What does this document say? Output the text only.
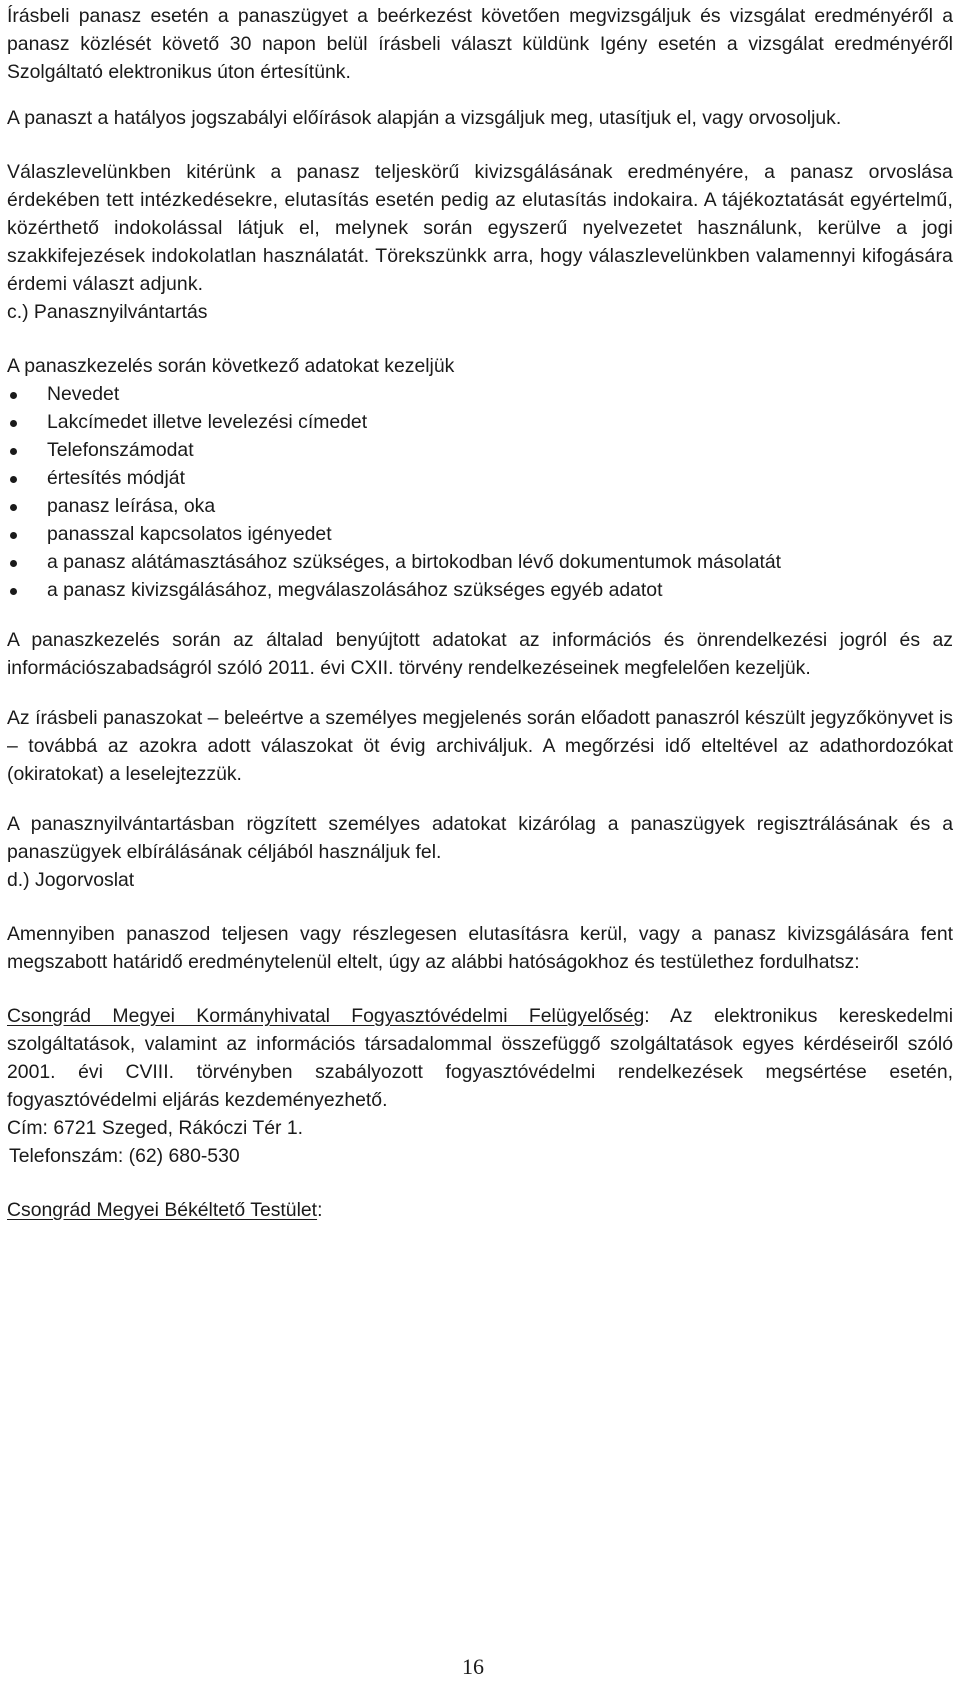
Írásbeli panasz esetén a panaszügyet a beérkezést követően megvizsgáljuk és vizsgálat eredményéről a panasz közlését követő 30 napon belül írásbeli választ küldünk Igény esetén a vizsgálat eredményéről Szolgáltató elektronikus úton értesítünk.

A panaszt a hatályos jogszabályi előírások alapján a vizsgáljuk meg, utasítjuk el, vagy orvosoljuk.

Válaszlevelünkben kitérünk a panasz teljeskörű kivizsgálásának eredményére, a panasz orvoslása érdekében tett intézkedésekre, elutasítás esetén pedig az elutasítás indokaira. A tájékoztatását egyértelmű, közérthető indokolással látjuk el, melynek során egyszerű nyelvezetet használunk, kerülve a jogi szakkifejezések indokolatlan használatát. Törekszünkk arra, hogy válaszlevelünkben valamennyi kifogására érdemi választ adjunk.

c.) Panasznyilvántartás

A panaszkezelés során következő adatokat kezeljük

Nevedet
Lakcímedet illetve levelezési címedet
Telefonszámodat
értesítés módját
panasz leírása, oka
panasszal kapcsolatos igényedet
a panasz alátámasztásához szükséges, a birtokodban lévő dokumentumok másolatát
a panasz kivizsgálásához, megválaszolásához szükséges egyéb adatot

A panaszkezelés során az általad benyújtott adatokat az információs és önrendelkezési jogról és az információszabadságról szóló 2011. évi CXII. törvény rendelkezéseinek megfelelően kezeljük.

Az írásbeli panaszokat – beleértve a személyes megjelenés során előadott panaszról készült jegyzőkönyvet is – továbbá az azokra adott válaszokat öt évig archiváljuk. A megőrzési idő elteltével az adathordozókat (okiratokat) a leselejtezzük.

A panasznyilvántartásban rögzített személyes adatokat kizárólag a panaszügyek regisztrálásának és a panaszügyek elbírálásának céljából használjuk fel.

d.) Jogorvoslat

Amennyiben panaszod teljesen vagy részlegesen elutasításra kerül, vagy a panasz kivizsgálására fent megszabott határidő eredménytelenül eltelt, úgy az alábbi hatóságokhoz és testülethez fordulhatsz:

Csongrád Megyei Kormányhivatal Fogyasztóvédelmi Felügyelőség: Az elektronikus kereskedelmi szolgáltatások, valamint az információs társadalommal összefüggő szolgáltatások egyes kérdéseiről szóló 2001. évi CVIII. törvényben szabályozott fogyasztóvédelmi rendelkezések megsértése esetén, fogyasztóvédelmi eljárás kezdeményezhető.

Cím: 6721 Szeged, Rákóczi Tér 1.

Telefonszám: (62) 680-530

Csongrád Megyei Békéltető Testület:

16
